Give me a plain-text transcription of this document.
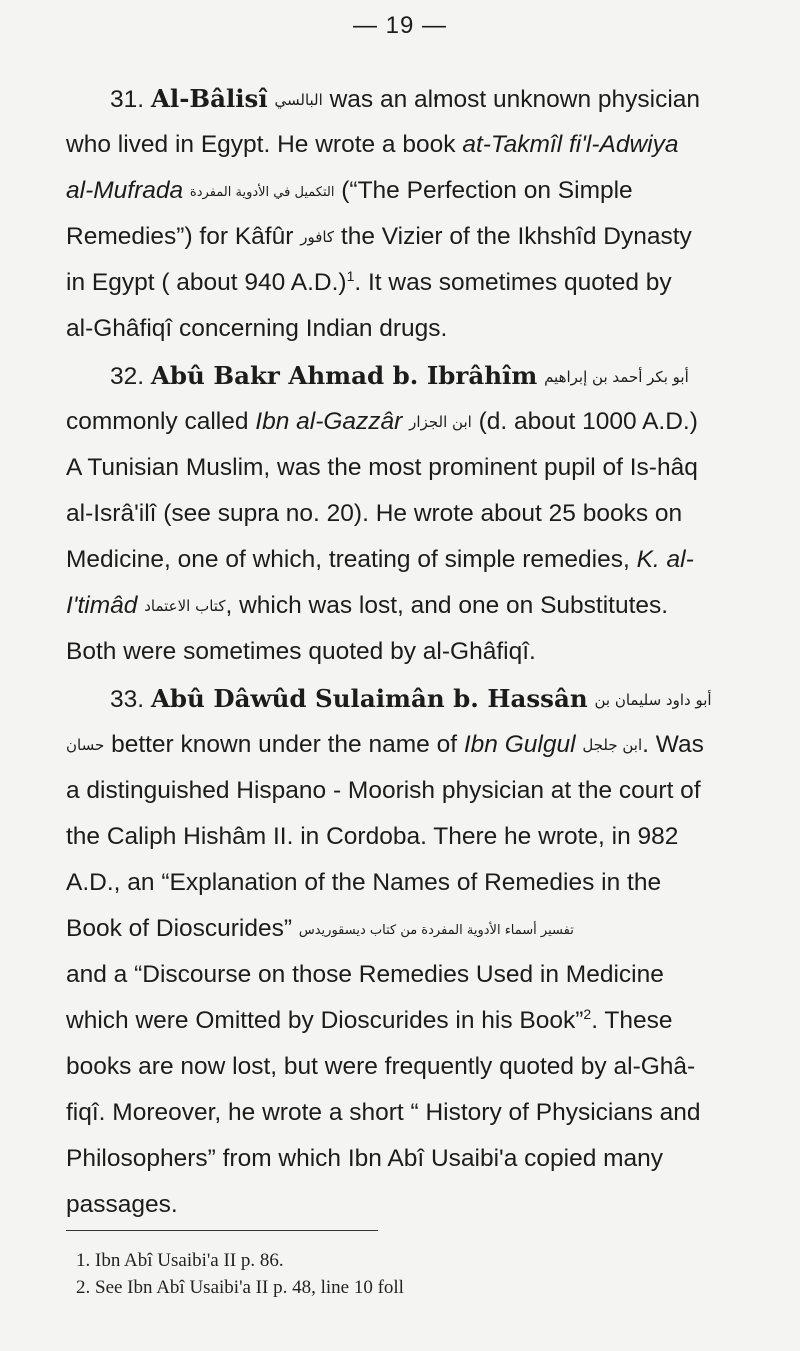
— 19 —
31. Al-Bâlisî البالسي was an almost unknown physician
who lived in Egypt. He wrote a book at-Takmîl fi'l-Adwiya
al-Mufrada التكميل في الأدوية المفردة (“The Perfection on Simple
Remedies”) for Kâfûr كافور the Vizier of the Ikhshîd Dynasty
in Egypt ( about 940 A.D.)$^1$. It was sometimes quoted by
al-Ghâfiqî concerning Indian drugs.
32. Abû Bakr Ahmad b. Ibrâhîm أبو بكر أحمد بن إبراهيم
commonly called Ibn al-Gazzâr ابن الجزار (d. about 1000 A.D.)
A Tunisian Muslim, was the most prominent pupil of Is-hâq
al-Isrâ'ilî (see supra no. 20). He wrote about 25 books on
Medicine, one of which, treating of simple remedies, K. al-
I'timâd كتاب الاعتماد, which was lost, and one on Substitutes.
Both were sometimes quoted by al-Ghâfiqî.
33. Abû Dâwûd Sulaimân b. Hassân أبو داود سليمان بن
حسان better known under the name of Ibn Gulgul ابن جلجل. Was
a distinguished Hispano - Moorish physician at the court of
the Caliph Hishâm II. in Cordoba. There he wrote, in 982
A.D., an “Explanation of the Names of Remedies in the
Book of Dioscurides” تفسير أسماء الأدوية المفردة من كتاب ديسقوريدس
and a “Discourse on those Remedies Used in Medicine
which were Omitted by Dioscurides in his Book”$^2$. These
books are now lost, but were frequently quoted by al-Ghâ-
fiqî. Moreover, he wrote a short “ History of Physicians and
Philosophers” from which Ibn Abî Usaibi'a copied many
passages.
1. Ibn Abî Usaibi'a II p. 86.
2. See Ibn Abî Usaibi'a II p. 48, line 10 foll
